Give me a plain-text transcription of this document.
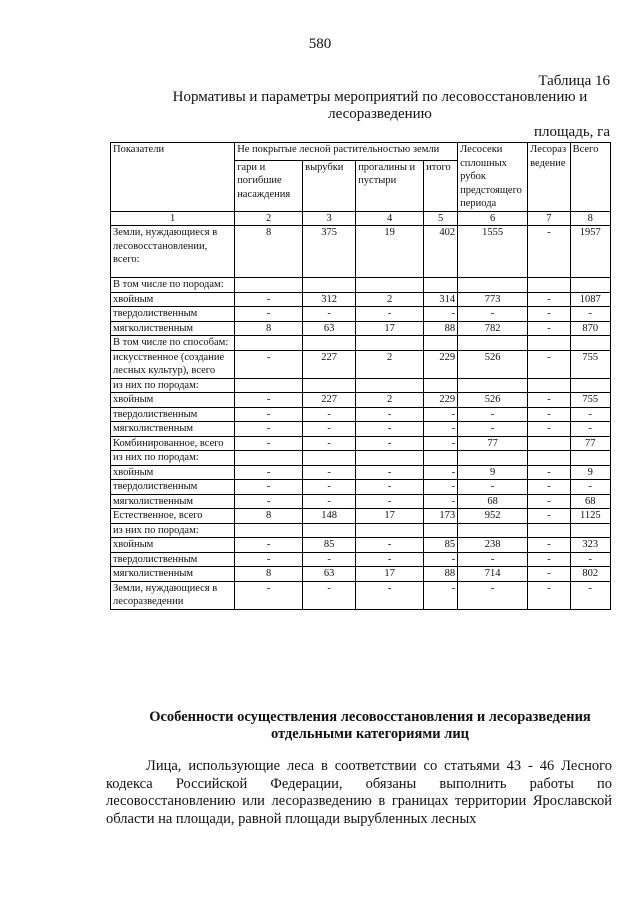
580
Таблица 16
Нормативы и параметры мероприятий по лесовосстановлению и лесоразведению
площадь, га
Показатели	Не покрытые лесной растительностью земли				Лесосеки сплошных рубок предстоящего периода	Лесоразведение	Всего
	гари и погибшие насаждения	вырубки	прогалины и пустыри	итого			
1	2	3	4	5	6	7	8
Земли, нуждающиеся в лесовосстановлении, всего:	8	375	19	402	1555	-	1957
В том числе по породам:							
хвойным	-	312	2	314	773	-	1087
твердолиственным	-	-	-	-	-	-	-
мягколиственным	8	63	17	88	782	-	870
В том числе по способам:							
искусственное (создание лесных культур), всего	-	227	2	229	526	-	755
из них по породам:							
хвойным	-	227	2	229	526	-	755
твердолиственным	-	-	-	-	-	-	-
мягколиственным	-	-	-	-	-	-	-
Комбинированное, всего	-	-	-	-	77		77
из них по породам:							
хвойным	-	-	-	-	9	-	9
твердолиственным	-	-	-	-	-	-	-
мягколиственным	-	-	-	-	68	-	68
Естественное, всего	8	148	17	173	952	-	1125
из них по породам:							
хвойным	-	85	-	85	238	-	323
твердолиственным	-	-	-	-	-	-	-
мягколиственным	8	63	17	88	714	-	802
Земли, нуждающиеся в лесоразведении	-	-	-	-	-	-	-
Особенности осуществления лесовосстановления и лесоразведения отдельными категориями лиц
Лица, использующие леса в соответствии со статьями 43 - 46 Лесного кодекса Российской Федерации, обязаны выполнить работы по лесовосстановлению или лесоразведению в границах территории Ярославской области на площади, равной площади вырубленных лесных
